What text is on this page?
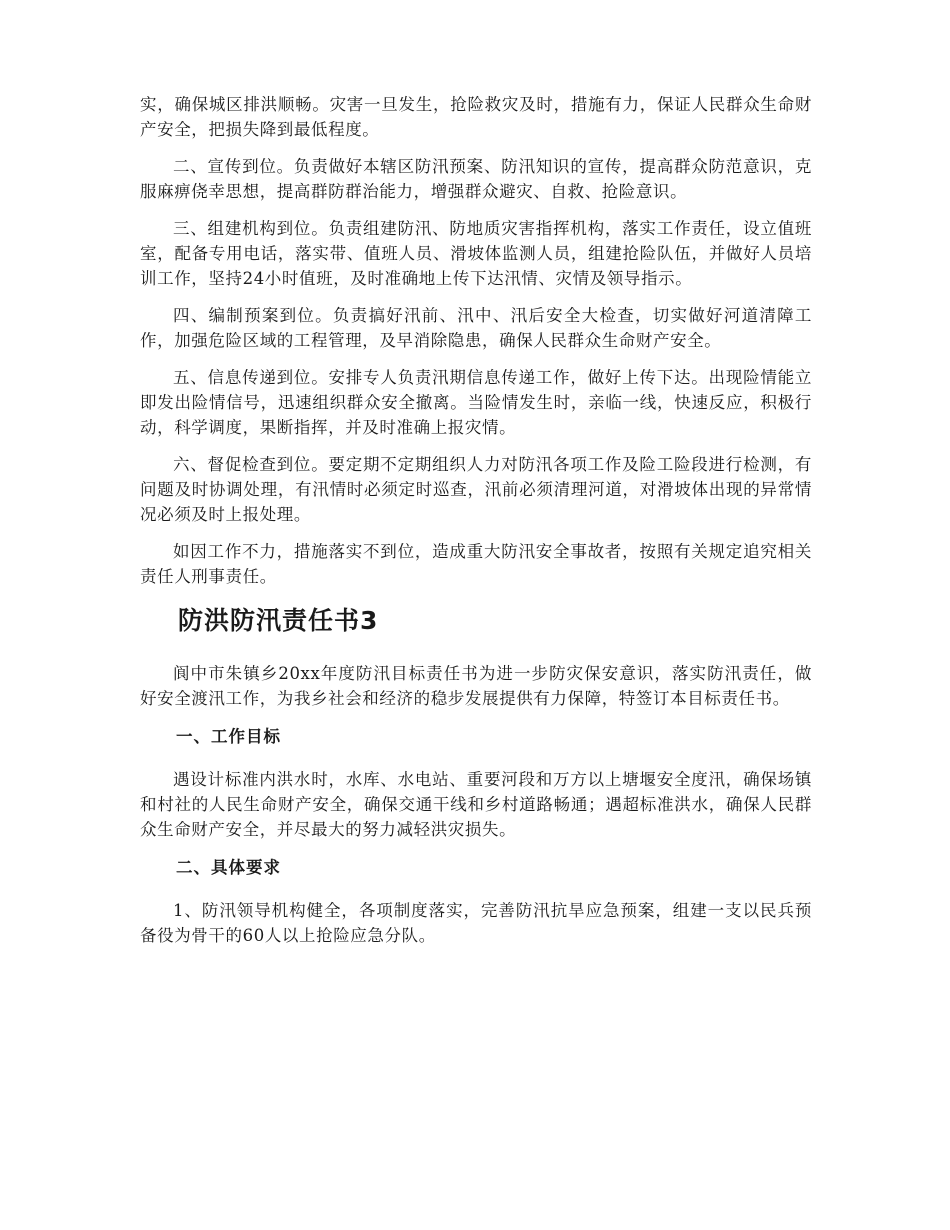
实，确保城区排洪顺畅。灾害一旦发生，抢险救灾及时，措施有力，保证人民群众生命财产安全，把损失降到最低程度。

二、宣传到位。负责做好本辖区防汛预案、防汛知识的宣传，提高群众防范意识，克服麻痹侥幸思想，提高群防群治能力，增强群众避灾、自救、抢险意识。

三、组建机构到位。负责组建防汛、防地质灾害指挥机构，落实工作责任，设立值班室，配备专用电话，落实带、值班人员、滑坡体监测人员，组建抢险队伍，并做好人员培训工作，坚持24小时值班，及时准确地上传下达汛情、灾情及领导指示。

四、编制预案到位。负责搞好汛前、汛中、汛后安全大检查，切实做好河道清障工作，加强危险区域的工程管理，及早消除隐患，确保人民群众生命财产安全。

五、信息传递到位。安排专人负责汛期信息传递工作，做好上传下达。出现险情能立即发出险情信号，迅速组织群众安全撤离。当险情发生时，亲临一线，快速反应，积极行动，科学调度，果断指挥，并及时准确上报灾情。

六、督促检查到位。要定期不定期组织人力对防汛各项工作及险工险段进行检测，有问题及时协调处理，有汛情时必须定时巡查，汛前必须清理河道，对滑坡体出现的异常情况必须及时上报处理。

如因工作不力，措施落实不到位，造成重大防汛安全事故者，按照有关规定追究相关责任人刑事责任。

防洪防汛责任书3

阆中市朱镇乡20xx年度防汛目标责任书为进一步防灾保安意识，落实防汛责任，做好安全渡汛工作，为我乡社会和经济的稳步发展提供有力保障，特签订本目标责任书。

一、工作目标

遇设计标准内洪水时，水库、水电站、重要河段和万方以上塘堰安全度汛，确保场镇和村社的人民生命财产安全，确保交通干线和乡村道路畅通；遇超标准洪水，确保人民群众生命财产安全，并尽最大的努力减轻洪灾损失。

二、具体要求

1、防汛领导机构健全，各项制度落实，完善防汛抗旱应急预案，组建一支以民兵预备役为骨干的60人以上抢险应急分队。
